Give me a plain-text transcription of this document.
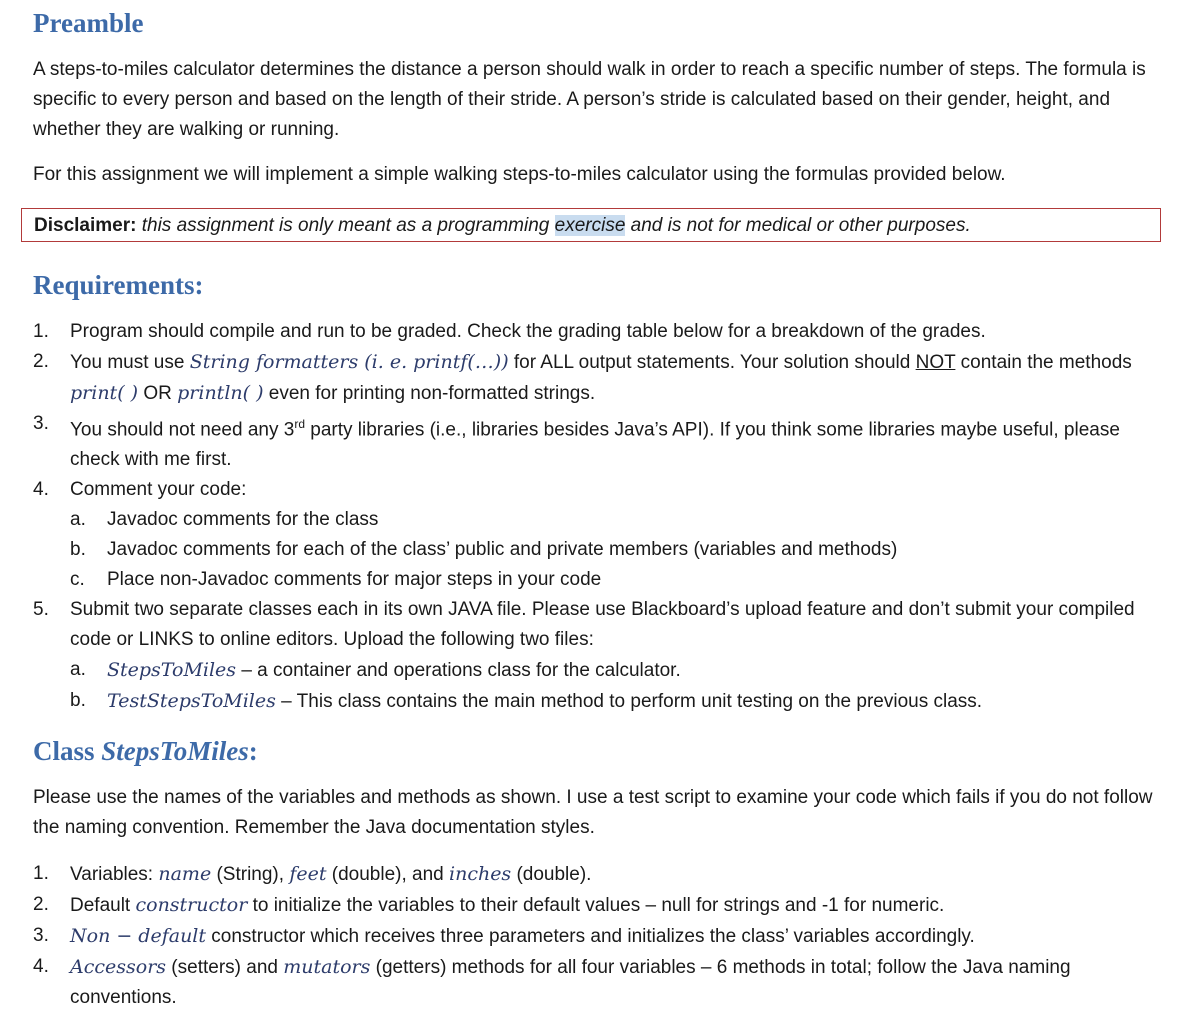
Preamble

A steps-to-miles calculator determines the distance a person should walk in order to reach a specific number of steps. The formula is specific to every person and based on the length of their stride. A person’s stride is calculated based on their gender, height, and whether they are walking or running.

For this assignment we will implement a simple walking steps-to-miles calculator using the formulas provided below.

Disclaimer: this assignment is only meant as a programming exercise and is not for medical or other purposes.
Requirements:
1. Program should compile and run to be graded. Check the grading table below for a breakdown of the grades.
2. You must use String formatters (i. e. printf(…)) for ALL output statements. Your solution should NOT contain the methods print( ) OR println( ) even for printing non-formatted strings.
3. You should not need any 3rd party libraries (i.e., libraries besides Java’s API). If you think some libraries maybe useful, please check with me first.
4. Comment your code:
a. Javadoc comments for the class
b. Javadoc comments for each of the class’ public and private members (variables and methods)
c. Place non-Javadoc comments for major steps in your code
5. Submit two separate classes each in its own JAVA file. Please use Blackboard’s upload feature and don’t submit your compiled code or LINKS to online editors. Upload the following two files:
a. StepsToMiles – a container and operations class for the calculator.
b. TestStepsToMiles – This class contains the main method to perform unit testing on the previous class.
Class StepsToMiles:

Please use the names of the variables and methods as shown. I use a test script to examine your code which fails if you do not follow the naming convention. Remember the Java documentation styles.

1. Variables: name (String), feet (double), and inches (double).
2. Default constructor to initialize the variables to their default values – null for strings and -1 for numeric.
3. Non − default constructor which receives three parameters and initializes the class’ variables accordingly.
4. Accessors (setters) and mutators (getters) methods for all four variables – 6 methods in total; follow the Java naming conventions.
